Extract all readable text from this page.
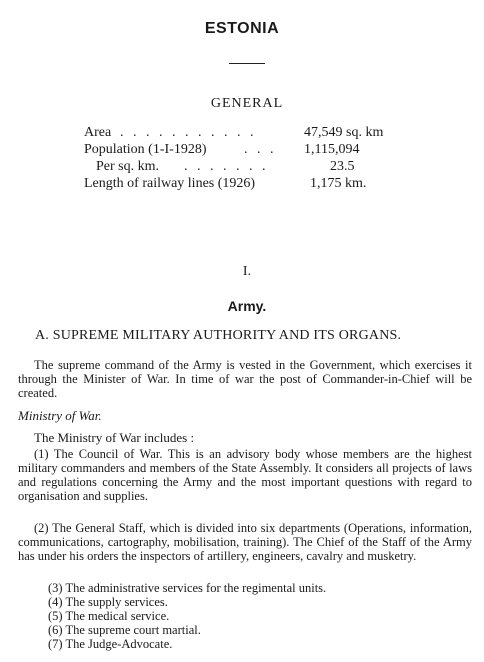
ESTONIA
GENERAL
Area . . . . . . . . . . .	47,549 sq. km
Population (1-I-1928)	. . . 1,115,094
Per sq. km. . . . . . . .	23.5
Length of railway lines (1926)	1,175 km.
I.
Army.
A. SUPREME MILITARY AUTHORITY AND ITS ORGANS.
The supreme command of the Army is vested in the Government, which exercises it through the Minister of War. In time of war the post of Commander-in-Chief will be created.
Ministry of War.
The Ministry of War includes :
(1) The Council of War. This is an advisory body whose members are the highest military commanders and members of the State Assembly. It considers all projects of laws and regulations concerning the Army and the most important questions with regard to organisation and supplies.
(2) The General Staff, which is divided into six departments (Operations, information, communications, cartography, mobilisation, training). The Chief of the Staff of the Army has under his orders the inspectors of artillery, engineers, cavalry and musketry.
(3) The administrative services for the regimental units.
(4) The supply services.
(5) The medical service.
(6) The supreme court martial.
(7) The Judge-Advocate.
